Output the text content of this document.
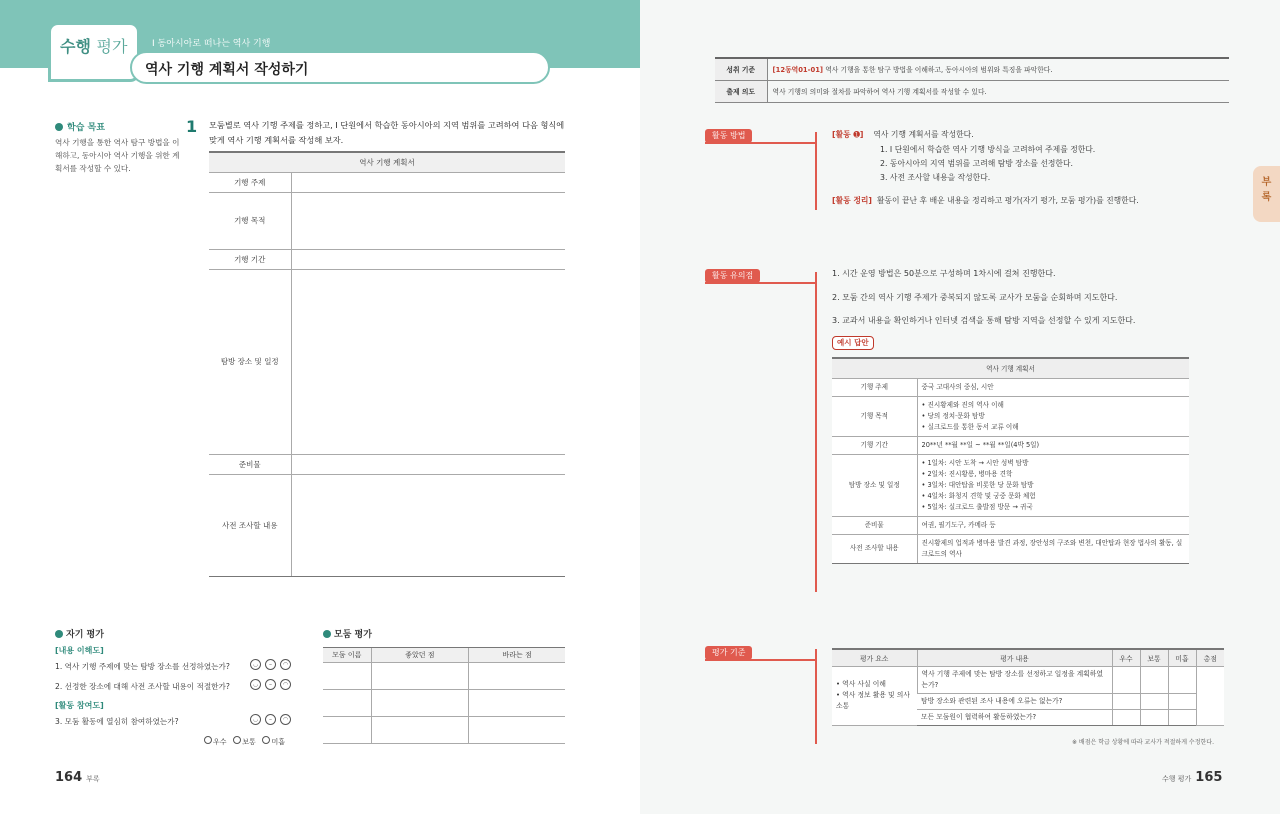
수행 평가	Ⅰ 동아시아로 떠나는 역사 기행
역사 기행 계획서 작성하기
학습 목표
역사 기행을 통한 역사 탐구 방법을 이해하고, 동아시아 역사 기행을 위한 계획서를 작성할 수 있다.
1 모둠별로 역사 기행 주제를 정하고, Ⅰ 단원에서 학습한 동아시아의 지역 범위를 고려하여 다음 형식에 맞게 역사 기행 계획서를 작성해 보자.
역사 기행 계획서	
기행 주제	
기행 목적	
기행 기간	
탐방 장소 및 일정	
준비물	
사전 조사할 내용	
자기 평가
[내용 이해도]
1. 역사 기행 주제에 맞는 탐방 장소를 선정하였는가?	◡ – ◠
2. 선정한 장소에 대해 사전 조사할 내용이 적절한가?	◡ – ◠
[활동 참여도]
3. 모둠 활동에 열심히 참여하였는가?	◡ – ◠
우수 보통 미흡
모둠 평가
모둠 이름	좋았던 점	바라는 점

164 부록
성취 기준	[12동역01-01] 역사 기행을 통한 탐구 방법을 이해하고, 동아시아의 범위와 특징을 파악한다.
출제 의도	역사 기행의 의미와 절차를 파악하여 역사 기행 계획서를 작성할 수 있다.
활동 방법	[활동 ➊] 역사 기행 계획서를 작성한다.
1. Ⅰ 단원에서 학습한 역사 기행 방식을 고려하여 주제를 정한다.
2. 동아시아의 지역 범위를 고려해 탐방 장소를 선정한다.
3. 사전 조사할 내용을 작성한다.
[활동 정리] 활동이 끝난 후 배운 내용을 정리하고 평가(자기 평가, 모둠 평가)를 진행한다.
부
록
활동 유의점	1. 시간 운영 방법은 50분으로 구성하며 1차시에 걸쳐 진행한다.
2. 모둠 간의 역사 기행 주제가 중복되지 않도록 교사가 모둠을 순회하며 지도한다.
3. 교과서 내용을 확인하거나 인터넷 검색을 통해 탐방 지역을 선정할 수 있게 지도한다.
예시 답안
역사 기행 계획서	
기행 주제	중국 고대사의 중심, 시안
기행 목적	• 진시황제와 진의 역사 이해
• 당의 정치·문화 탐방
• 실크로드를 통한 동서 교류 이해

기행 기간	20**년 **월 **일 ~ **월 **일(4박 5일)
탐방 장소 및 일정	• 1일차: 시안 도착 → 시안 성벽 탐방
• 2일차: 진시황릉, 병마용 견학
• 3일차: 대안탑을 비롯한 당 문화 탐방
• 4일차: 화청지 견학 및 궁중 문화 체험
• 5일차: 실크로드 출발점 방문 → 귀국

준비물	여권, 필기도구, 카메라 등
사전 조사할 내용	진시황제의 업적과 병마용 발견 과정, 장안성의 구조와 변천, 대안탑과 현장 법사의 활동, 실크로드의 역사
평가 기준
평가 요소	평가 내용	우수	보통	미흡	총점

• 역사 사실 이해
• 역사 정보 활용 및 의사소통	역사 기행 주제에 맞는 탐방 장소를 선정하고 일정을 계획하였는가?				
	탐방 장소와 관련된 조사 내용에 오류는 없는가?				
	모든 모둠원이 협력하여 활동하였는가?				
※ 배점은 학급 상황에 따라 교사가 적절하게 수정한다.
수행 평가 165
